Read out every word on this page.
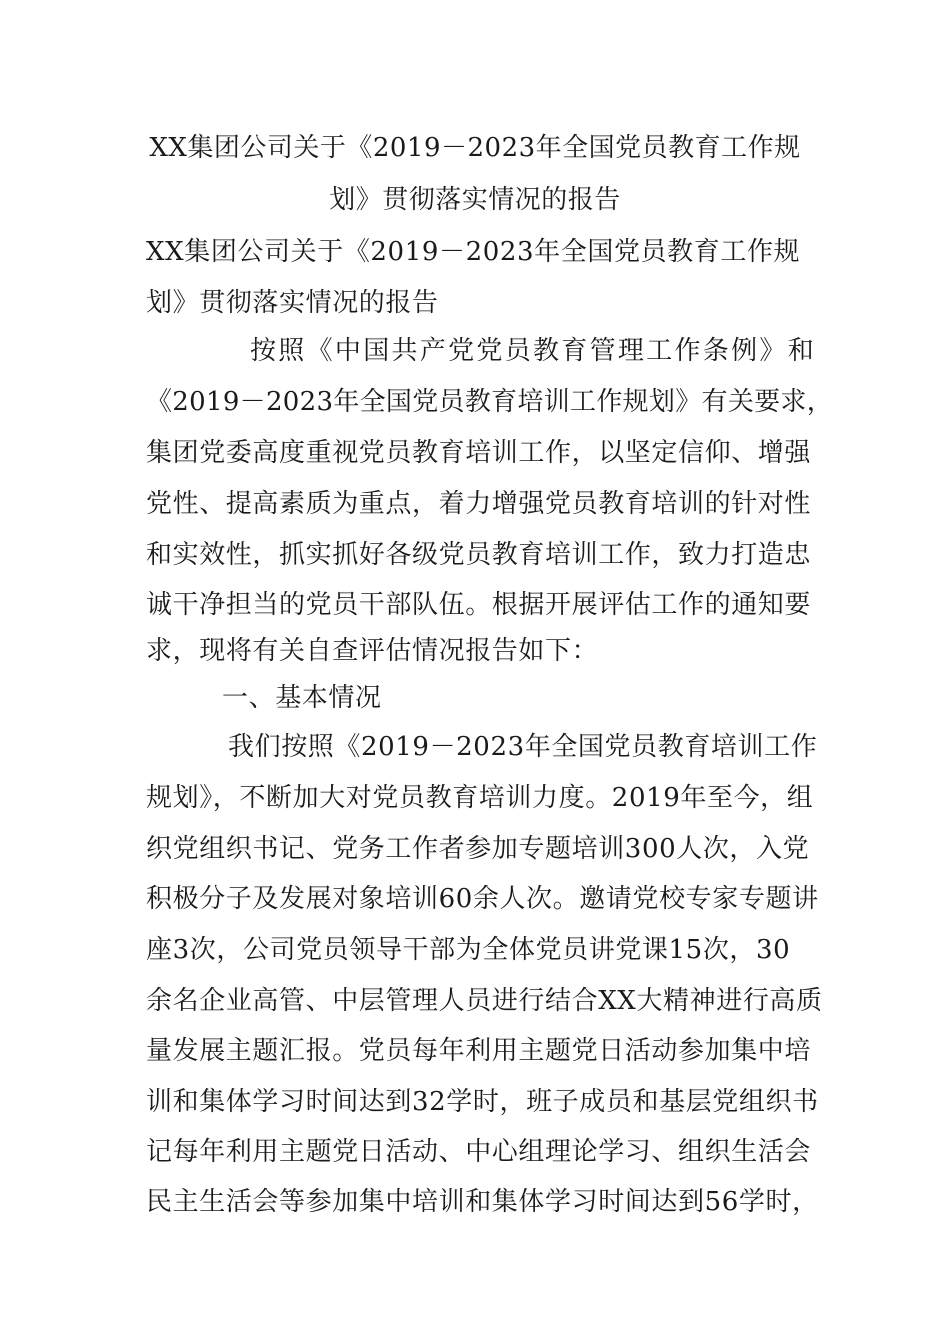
XX集团公司关于《2019－2023年全国党员教育工作规
划》贯彻落实情况的报告
XX集团公司关于《2019－2023年全国党员教育工作规
划》贯彻落实情况的报告
按照《中国共产党党员教育管理工作条例》和
《2019－2023年全国党员教育培训工作规划》有关要求，
集团党委高度重视党员教育培训工作，以坚定信仰、增强
党性、提高素质为重点，着力增强党员教育培训的针对性
和实效性，抓实抓好各级党员教育培训工作，致力打造忠
诚干净担当的党员干部队伍。根据开展评估工作的通知要
求，现将有关自查评估情况报告如下：
一、基本情况
我们按照《2019－2023年全国党员教育培训工作
规划》，不断加大对党员教育培训力度。2019年至今，组
织党组织书记、党务工作者参加专题培训300人次，入党
积极分子及发展对象培训60余人次。邀请党校专家专题讲
座3次，公司党员领导干部为全体党员讲党课15次，30
余名企业高管、中层管理人员进行结合XX大精神进行高质
量发展主题汇报。党员每年利用主题党日活动参加集中培
训和集体学习时间达到32学时，班子成员和基层党组织书
记每年利用主题党日活动、中心组理论学习、组织生活会
民主生活会等参加集中培训和集体学习时间达到56学时，
